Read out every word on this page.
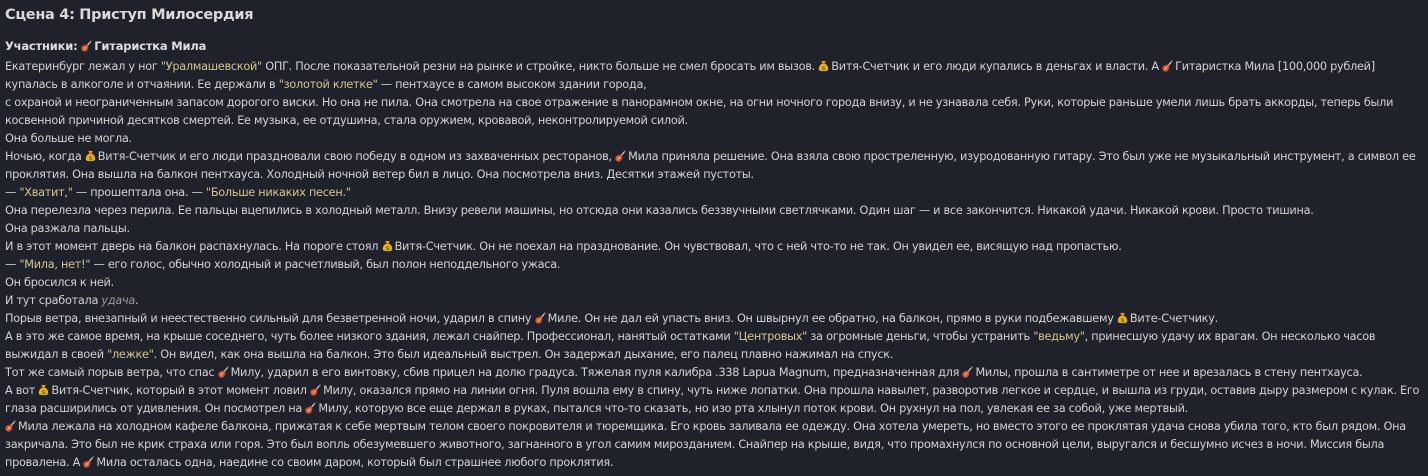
Сцена 4: Приступ Милосердия
Участники: Гитаристка Мила

Екатеринбург лежал у ног "Уралмашевской" ОПГ. После показательной резни на рынке и стройке, никто больше не смел бросать им вызов. $ Витя-Счетчик и его люди купались в деньгах и власти. А
Гитаристка Мила [100,000 рублей] купалась в алкоголе и отчаянии. Ее держали в "золотой клетке" — пентхаусе в самом высоком здании города,

с охраной и неограниченным запасом дорогого виски. Но она не пила. Она смотрела на свое отражение в панорамном окне, на огни ночного города внизу, и не узнавала себя. Руки, которые раньше умели лишь брать аккорды, теперь были косвенной причиной десятков смертей. Ее музыка, ее отдушина, стала оружием, кровавой, неконтролируемой силой.

Она больше не могла.

Ночью, когда $ Витя-Счетчик и его люди праздновали свою победу в одном из захваченных ресторанов,
Мила приняла решение. Она взяла свою простреленную, изуродованную гитару. Это был уже не музыкальный инструмент, а символ ее проклятия. Она вышла на балкон пентхауса. Холодный ночной ветер бил в лицо. Она посмотрела вниз. Десятки этажей пустоты.

— "Хватит," — прошептала она. — "Больше никаких песен."

Она перелезла через перила. Ее пальцы вцепились в холодный металл. Внизу ревели машины, но отсюда они казались беззвучными светлячками. Один шаг — и все закончится. Никакой удачи. Никакой крови. Просто тишина.

Она разжала пальцы.

И в этот момент дверь на балкон распахнулась. На пороге стоял $ Витя-Счетчик. Он не поехал на празднование. Он чувствовал, что с ней что-то не так. Он увидел ее, висящую над пропастью.

— "Мила, нет!" — его голос, обычно холодный и расчетливый, был полон неподдельного ужаса.

Он бросился к ней.

И тут сработала удача.

Порыв ветра, внезапный и неестественно сильный для безветренной ночи, ударил в спину
Миле. Он не дал ей упасть вниз. Он швырнул ее обратно, на балкон, прямо в руки подбежавшему $ Вите-Счетчику.

А в это же самое время, на крыше соседнего, чуть более низкого здания, лежал снайпер. Профессионал, нанятый остатками "Центровых" за огромные деньги, чтобы устранить "ведьму", принесшую удачу их врагам. Он несколько часов выжидал в своей "лежке". Он видел, как она вышла на балкон. Это был идеальный выстрел. Он задержал дыхание, его палец плавно нажимал на спуск.

Тот же самый порыв ветра, что спас
Милу, ударил в его винтовку, сбив прицел на долю градуса. Тяжелая пуля калибра .338 Lapua Magnum, предназначенная для
Милы, прошла в сантиметре от нее и врезалась в стену пентхауса.

А вот $ Витя-Счетчик, который в этот момент ловил
Милу, оказался прямо на линии огня. Пуля вошла ему в спину, чуть ниже лопатки. Она прошла навылет, разворотив легкое и сердце, и вышла из груди, оставив дыру размером с кулак. Его глаза расширились от удивления. Он посмотрел на
Милу, которую все еще держал в руках, пытался что-то сказать, но изо рта хлынул поток крови. Он рухнул на пол, увлекая ее за собой, уже мертвый.

Мила лежала на холодном кафеле балкона, прижатая к себе мертвым телом своего покровителя и тюремщика. Его кровь заливала ее одежду. Она хотела умереть, но вместо этого ее проклятая удача снова убила того, кто был рядом. Она закричала. Это был не крик страха или горя. Это был вопль обезумевшего животного, загнанного в угол самим мирозданием. Снайпер на крыше, видя, что промахнулся по основной цели, выругался и бесшумно исчез в ночи. Миссия была провалена. А
Мила осталась одна, наедине со своим даром, который был страшнее любого проклятия.
